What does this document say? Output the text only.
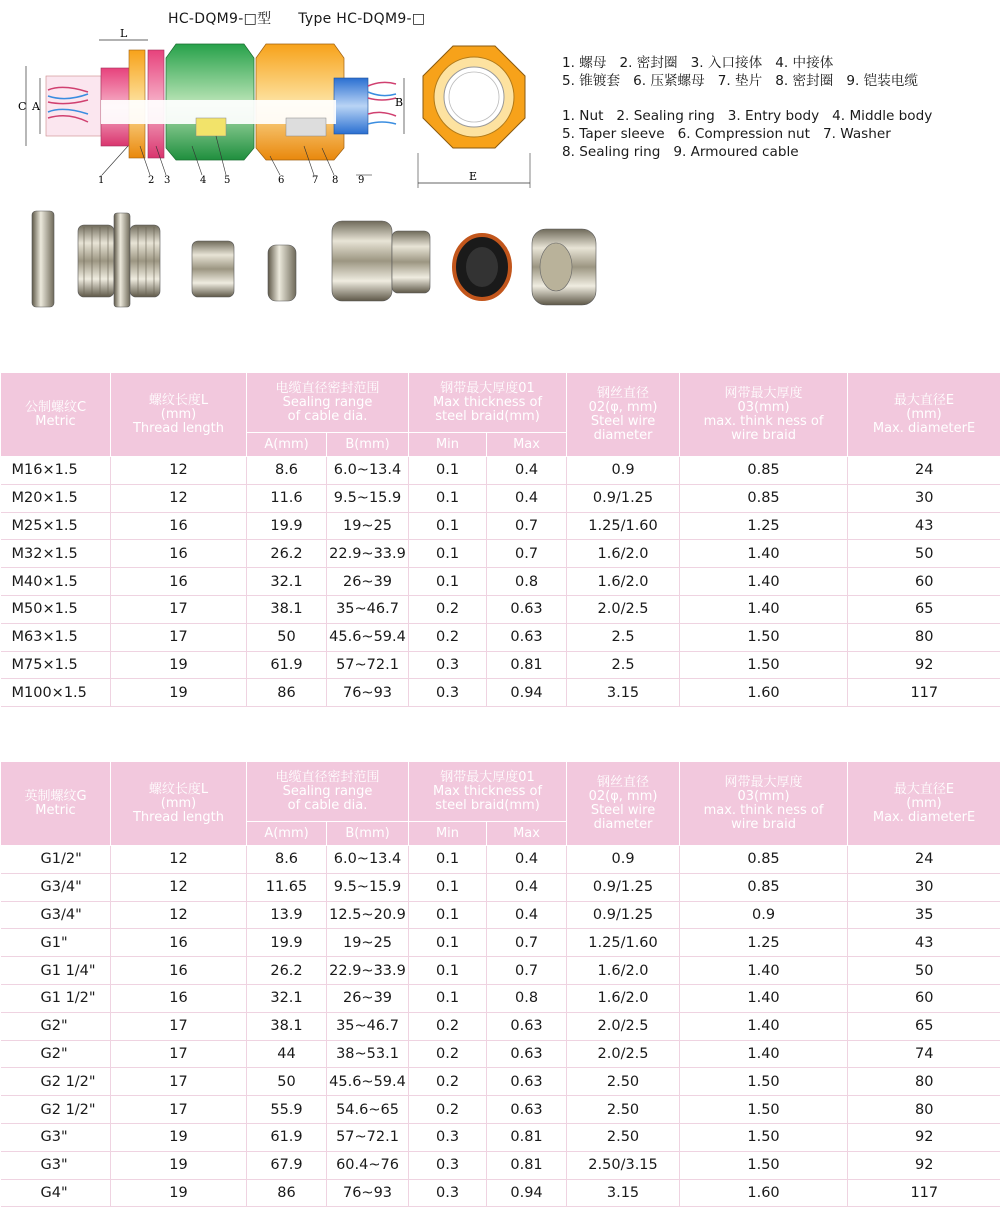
HC-DQM9-□型 Type HC-DQM9-□
L
C A	B
1	2 3	4 5	6	7 8 9	E
1. 螺母 2. 密封圈 3. 入口接体 4. 中接体
5. 锥镀套 6. 压紧螺母 7. 垫片 8. 密封圈 9. 铠装电缆
1. Nut 2. Sealing ring 3. Entry body 4. Middle body
5. Taper sleeve 6. Compression nut 7. Washer
8. Sealing ring 9. Armoured cable
公制螺纹C
Metric	螺纹长度L
(mm)
Thread length	电缆直径密封范围
Sealing range
of cable dia.		钢带最大厚度01
Max thickness of
steel braid(mm)		钢丝直径
02(φ, mm)
Steel wire
diameter	网带最大厚度
03(mm)
max. think ness of
wire braid	最大直径E
(mm)
Max. diameterE

		A(mm)	B(mm)	Min	Max			
M16×1.5	12	8.6	6.0~13.4	0.1	0.4	0.9	0.85	24
M20×1.5	12	11.6	9.5~15.9	0.1	0.4	0.9/1.25	0.85	30
M25×1.5	16	19.9	19~25	0.1	0.7	1.25/1.60	1.25	43
M32×1.5	16	26.2	22.9~33.9	0.1	0.7	1.6/2.0	1.40	50
M40×1.5	16	32.1	26~39	0.1	0.8	1.6/2.0	1.40	60
M50×1.5	17	38.1	35~46.7	0.2	0.63	2.0/2.5	1.40	65
M63×1.5	17	50	45.6~59.4	0.2	0.63	2.5	1.50	80
M75×1.5	19	61.9	57~72.1	0.3	0.81	2.5	1.50	92
M100×1.5	19	86	76~93	0.3	0.94	3.15	1.60	117
英制螺纹G
Metric	螺纹长度L
(mm)
Thread length	电缆直径密封范围
Sealing range
of cable dia.		钢带最大厚度01
Max thickness of
steel braid(mm)		钢丝直径
02(φ, mm)
Steel wire
diameter	网带最大厚度
03(mm)
max. think ness of
wire braid	最大直径E
(mm)
Max. diameterE

		A(mm)	B(mm)	Min	Max			
G1/2"	12	8.6	6.0~13.4	0.1	0.4	0.9	0.85	24
G3/4"	12	11.65	9.5~15.9	0.1	0.4	0.9/1.25	0.85	30
G3/4"	12	13.9	12.5~20.9	0.1	0.4	0.9/1.25	0.9	35
G1"	16	19.9	19~25	0.1	0.7	1.25/1.60	1.25	43
G1 1/4"	16	26.2	22.9~33.9	0.1	0.7	1.6/2.0	1.40	50
G1 1/2"	16	32.1	26~39	0.1	0.8	1.6/2.0	1.40	60
G2"	17	38.1	35~46.7	0.2	0.63	2.0/2.5	1.40	65
G2"	17	44	38~53.1	0.2	0.63	2.0/2.5	1.40	74
G2 1/2"	17	50	45.6~59.4	0.2	0.63	2.50	1.50	80
G2 1/2"	17	55.9	54.6~65	0.2	0.63	2.50	1.50	80
G3"	19	61.9	57~72.1	0.3	0.81	2.50	1.50	92
G3"	19	67.9	60.4~76	0.3	0.81	2.50/3.15	1.50	92
G4"	19	86	76~93	0.3	0.94	3.15	1.60	117
